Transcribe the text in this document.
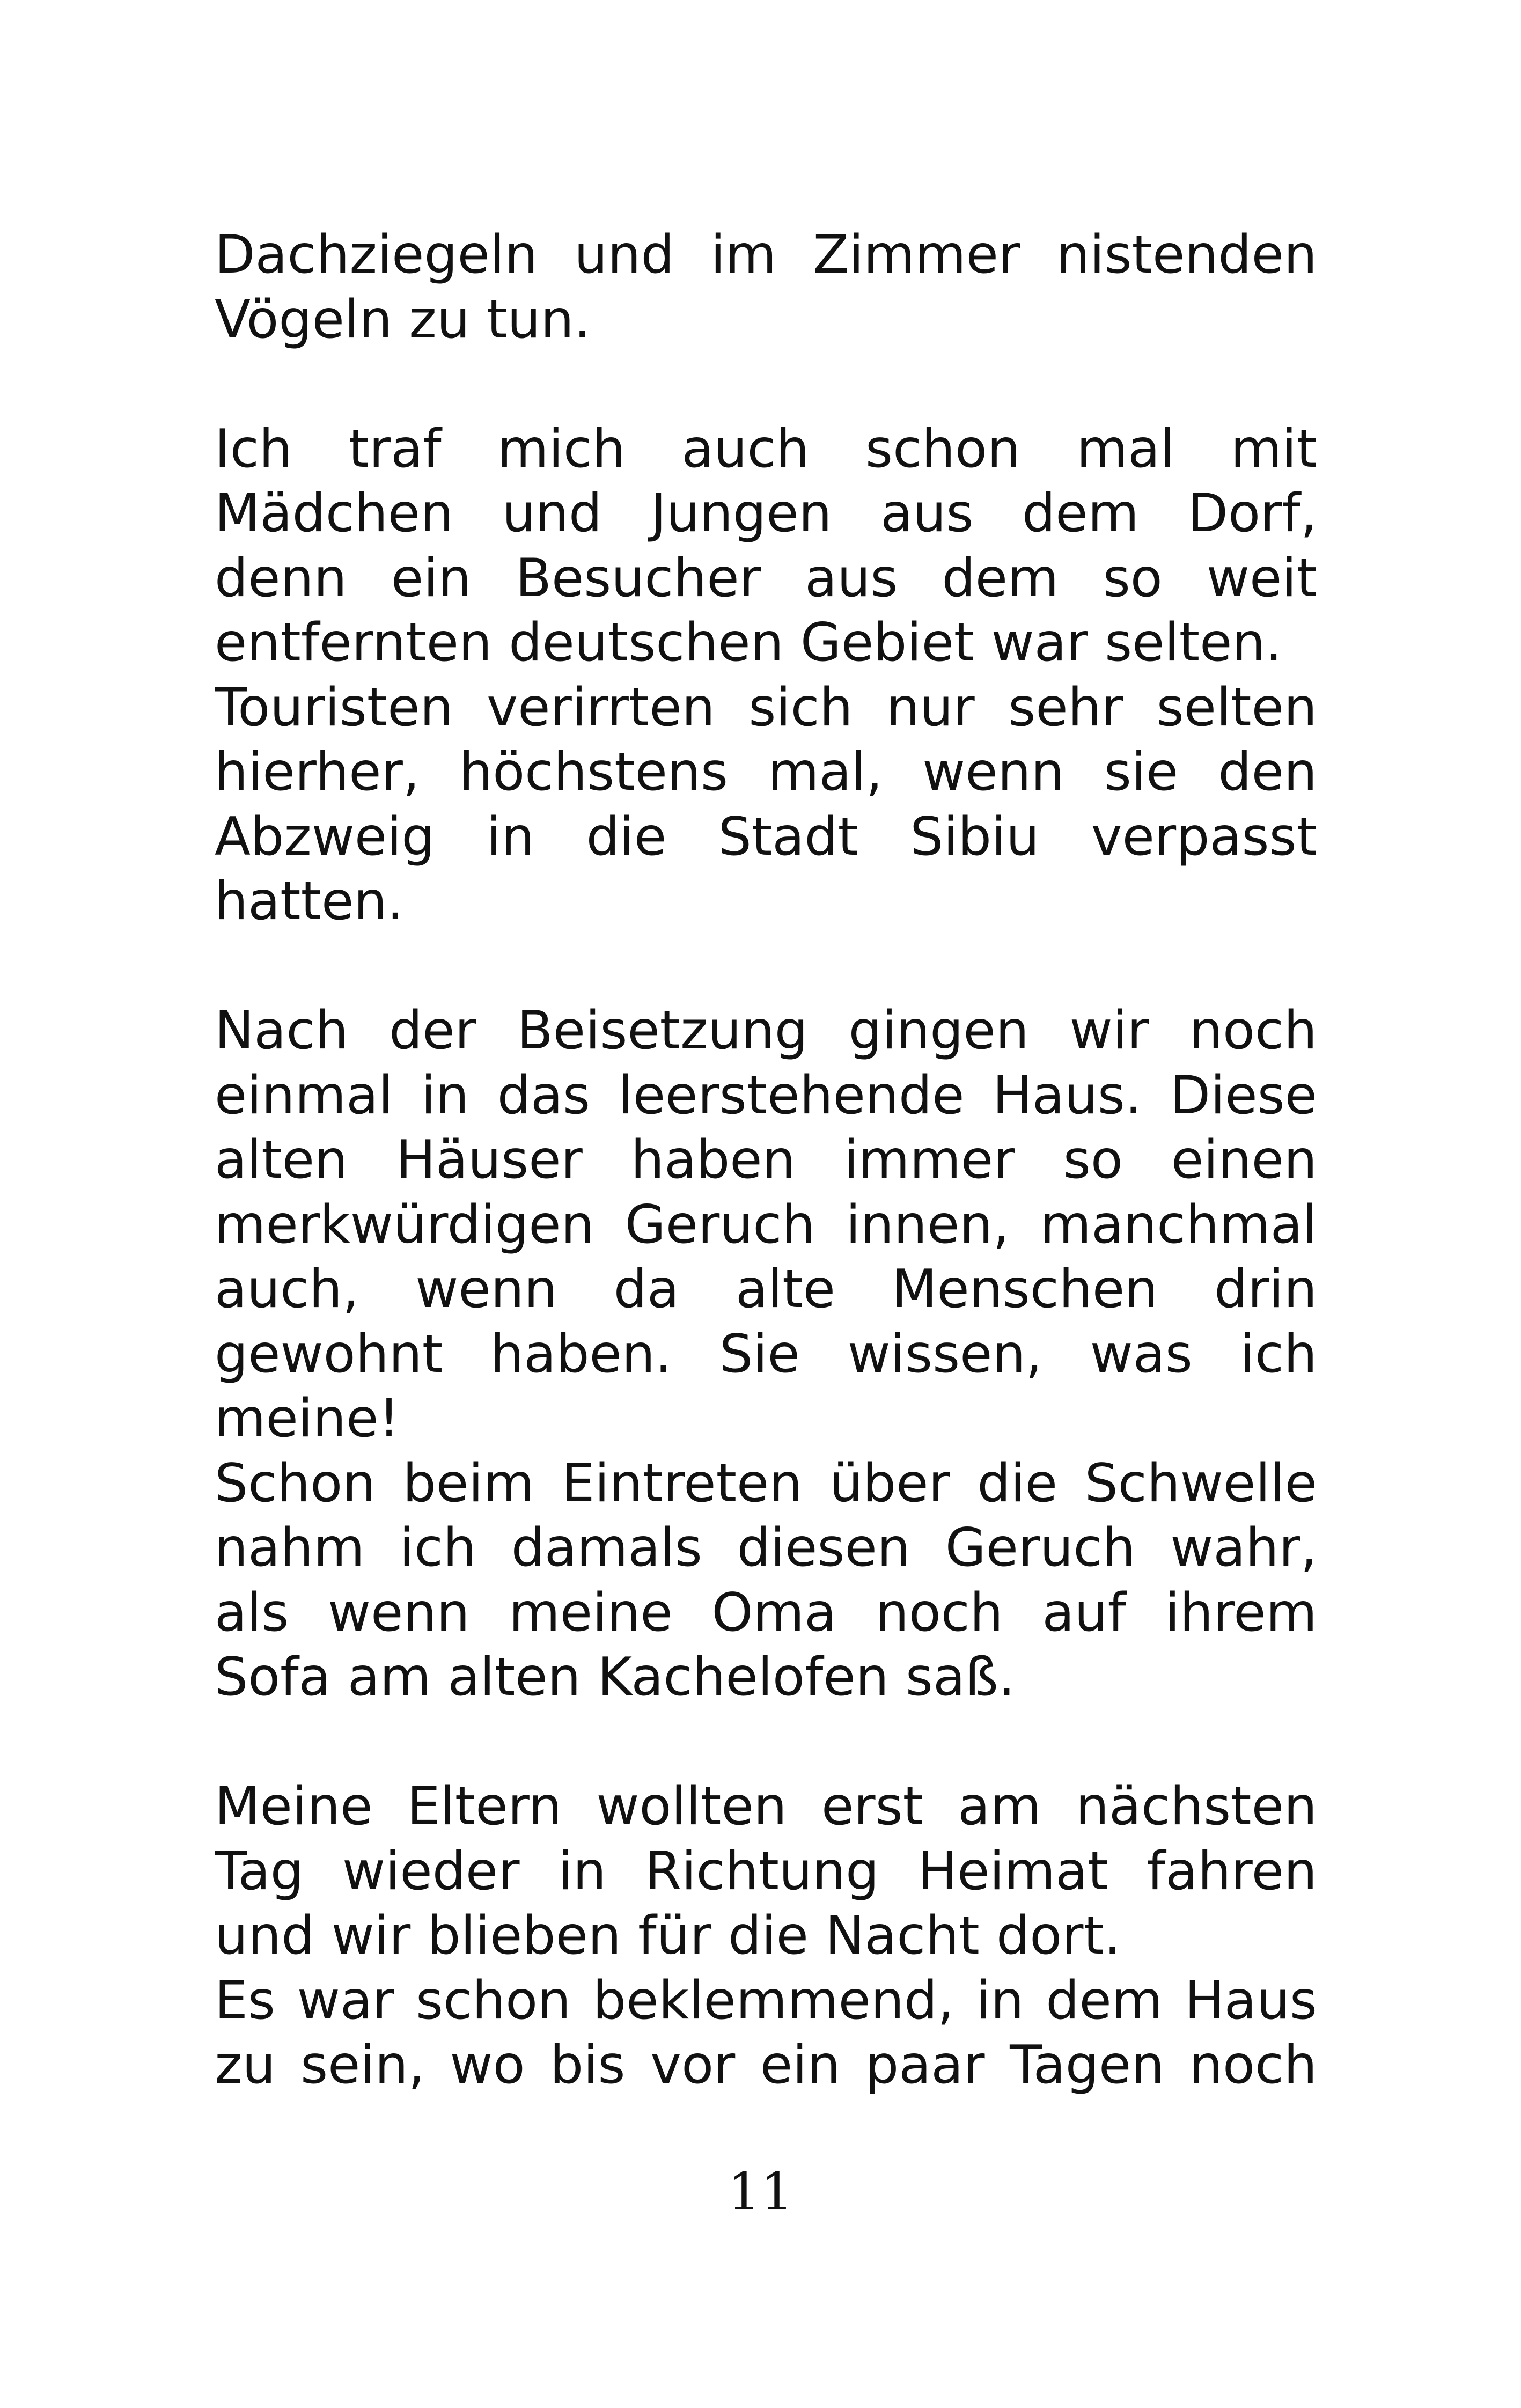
Dachziegeln und im Zimmer nistenden
Vögeln zu tun.
Ich traf mich auch schon mal mit
Mädchen und Jungen aus dem Dorf,
denn ein Besucher aus dem so weit
entfernten deutschen Gebiet war selten.
Touristen verirrten sich nur sehr selten
hierher, höchstens mal, wenn sie den
Abzweig in die Stadt Sibiu verpasst
hatten.
Nach der Beisetzung gingen wir noch
einmal in das leerstehende Haus. Diese
alten Häuser haben immer so einen
merkwürdigen Geruch innen, manchmal
auch, wenn da alte Menschen drin
gewohnt haben. Sie wissen, was ich
meine!
Schon beim Eintreten über die Schwelle
nahm ich damals diesen Geruch wahr,
als wenn meine Oma noch auf ihrem
Sofa am alten Kachelofen saß.
Meine Eltern wollten erst am nächsten
Tag wieder in Richtung Heimat fahren
und wir blieben für die Nacht dort.
Es war schon beklemmend, in dem Haus
zu sein, wo bis vor ein paar Tagen noch
11
